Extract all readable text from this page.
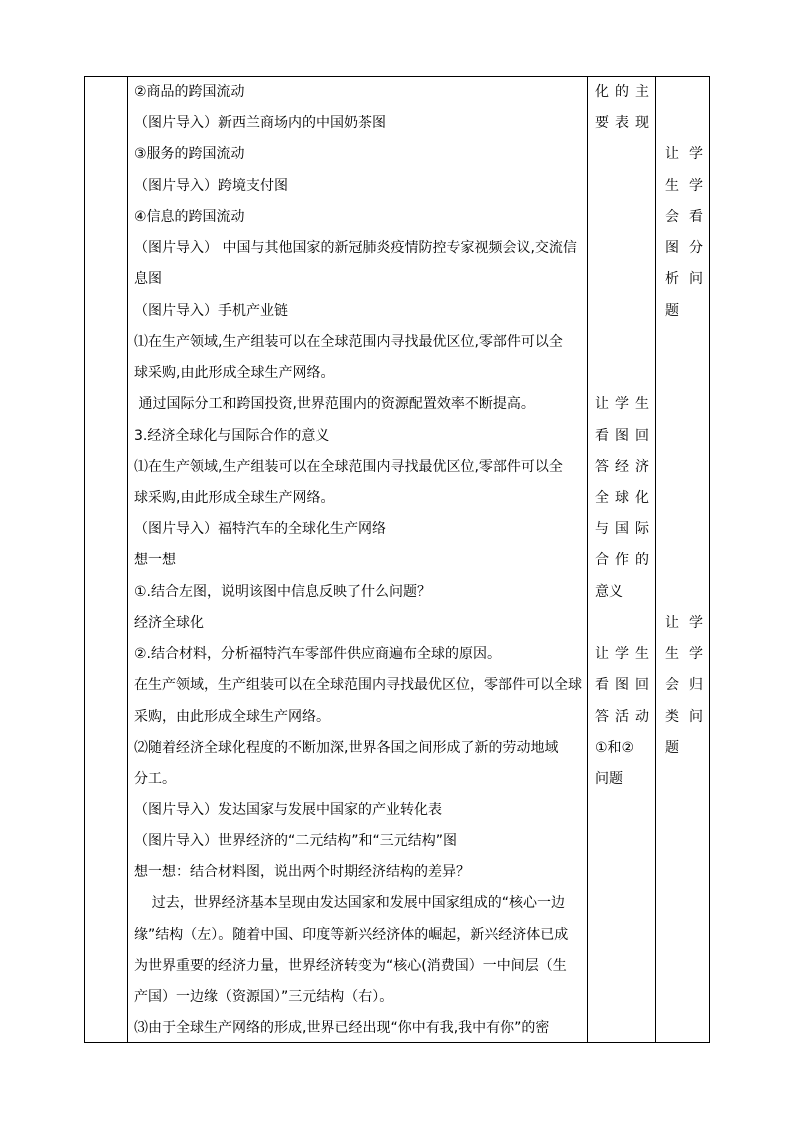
②商品的跨国流动
（图片导入）新西兰商场内的中国奶茶图
③服务的跨国流动
（图片导入）跨境支付图
④信息的跨国流动
（图片导入） 中国与其他国家的新冠肺炎疫情防控专家视频会议,交流信
息图
（图片导入）手机产业链
⑴在生产领域,生产组装可以在全球范围内寻找最优区位,零部件可以全
球采购,由此形成全球生产网络。
通过国际分工和跨国投资,世界范围内的资源配置效率不断提高。
3.经济全球化与国际合作的意义
⑴在生产领域,生产组装可以在全球范围内寻找最优区位,零部件可以全
球采购,由此形成全球生产网络。
（图片导入）福特汽车的全球化生产网络
想一想
①.结合左图，说明该图中信息反映了什么问题？
经济全球化
②.结合材料，分析福特汽车零部件供应商遍布全球的原因。
在生产领域，生产组装可以在全球范围内寻找最优区位，零部件可以全球
采购，由此形成全球生产网络。
⑵随着经济全球化程度的不断加深,世界各国之间形成了新的劳动地域
分工。
（图片导入）发达国家与发展中国家的产业转化表
（图片导入）世界经济的“二元结构”和“三元结构”图
想一想：结合材料图，说出两个时期经济结构的差异？
过去，世界经济基本呈现由发达国家和发展中国家组成的“核心一边
缘”结构（左）。随着中国、印度等新兴经济体的崛起，新兴经济体已成
为世界重要的经济力量，世界经济转变为“核心(消费国）一中间层（生
产国）一边缘（资源国）”三元结构（右）。
⑶由于全球生产网络的形成,世界已经出现“你中有我,我中有你”的密
化的主
要表现
让学生
看图回
答经济
全球化
与国际
合作的
意义
让学生
看图回
答活动
①和②
问题
让学
生学
会看
图分
析问
题
让学
生学
会归
类问
题
